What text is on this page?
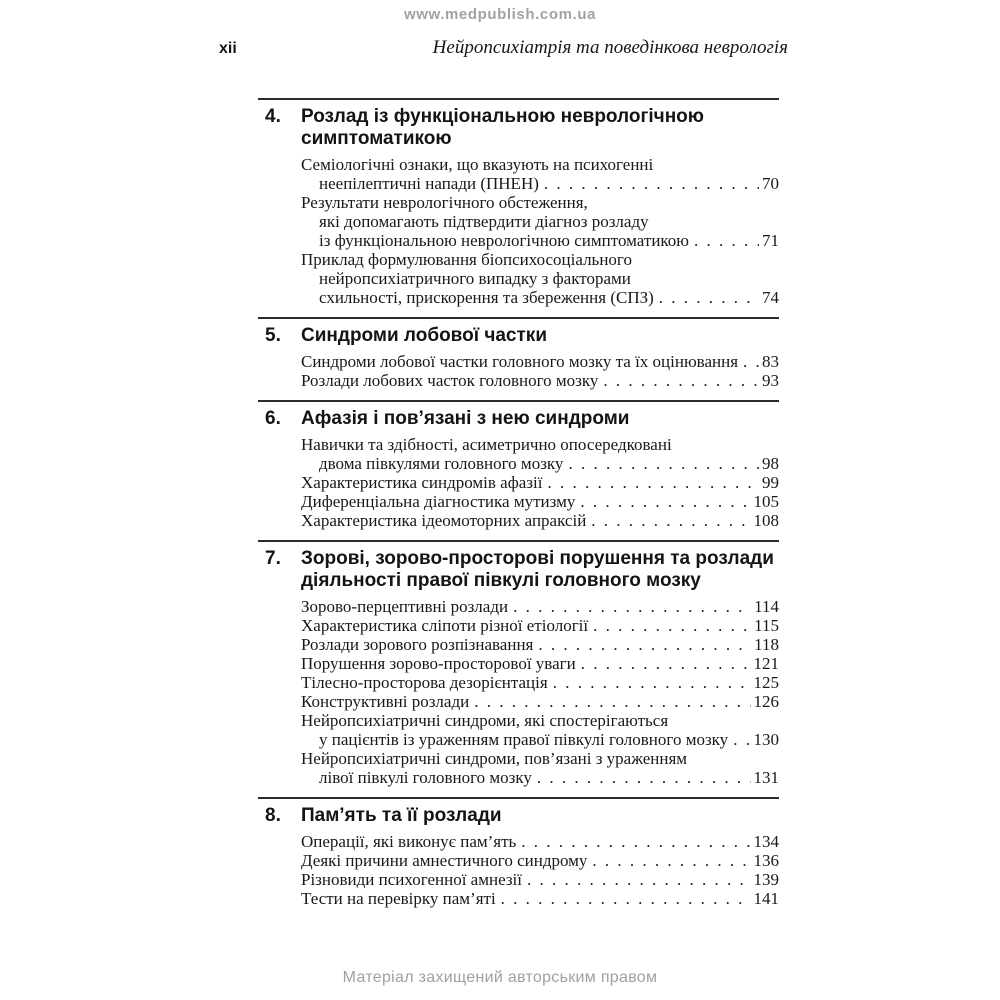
www.medpublish.com.ua
xii	Нейропсихіатрія та поведінкова неврологія
4.	Розлад із функціональною неврологічною
симптоматикою
Семіологічні ознаки, що вказують на психогенні
неепілептичні напади (ПНЕН) . . .	70
Результати неврологічного обстеження,
які допомагають підтвердити діагноз розладу
із функціональною неврологічною симптоматикою . . .	71
Приклад формулювання біопсихосоціального
нейропсихіатричного випадку з факторами
схильності, прискорення та збереження (СПЗ) . . .	74
5.	Синдроми лобової частки
Синдроми лобової частки головного мозку та їх оцінювання . . . 83
Розлади лобових часток головного мозку . . .	93
6.	Афазія і пов’язані з нею синдроми
Навички та здібності, асиметрично опосередковані
двома півкулями головного мозку . . .	98
Характеристика синдромів афазії . . .	99
Диференціальна діагностика мутизму . . .	105
Характеристика ідеомоторних апраксій . . .	108
7.	Зорові, зорово-просторові порушення та розлади
діяльності правої півкулі головного мозку
Зорово-перцептивні розлади . . .	114
Характеристика сліпоти різної етіології . . .	115
Розлади зорового розпізнавання . . .	118
Порушення зорово-просторової уваги . . .	121
Тілесно-просторова дезорієнтація . . .	125
Конструктивні розлади . . .	126
Нейропсихіатричні синдроми, які спостерігаються
у пацієнтів із ураженням правої півкулі головного мозку . . . 130
Нейропсихіатричні синдроми, пов’язані з ураженням
лівої півкулі головного мозку . . .	131
8.	Пам’ять та її розлади
Операції, які виконує пам’ять . . .	134
Деякі причини амнестичного синдрому . . .	136
Різновиди психогенної амнезії . . .	139
Тести на перевірку пам’яті . . .	141
Матеріал захищений авторським правом
